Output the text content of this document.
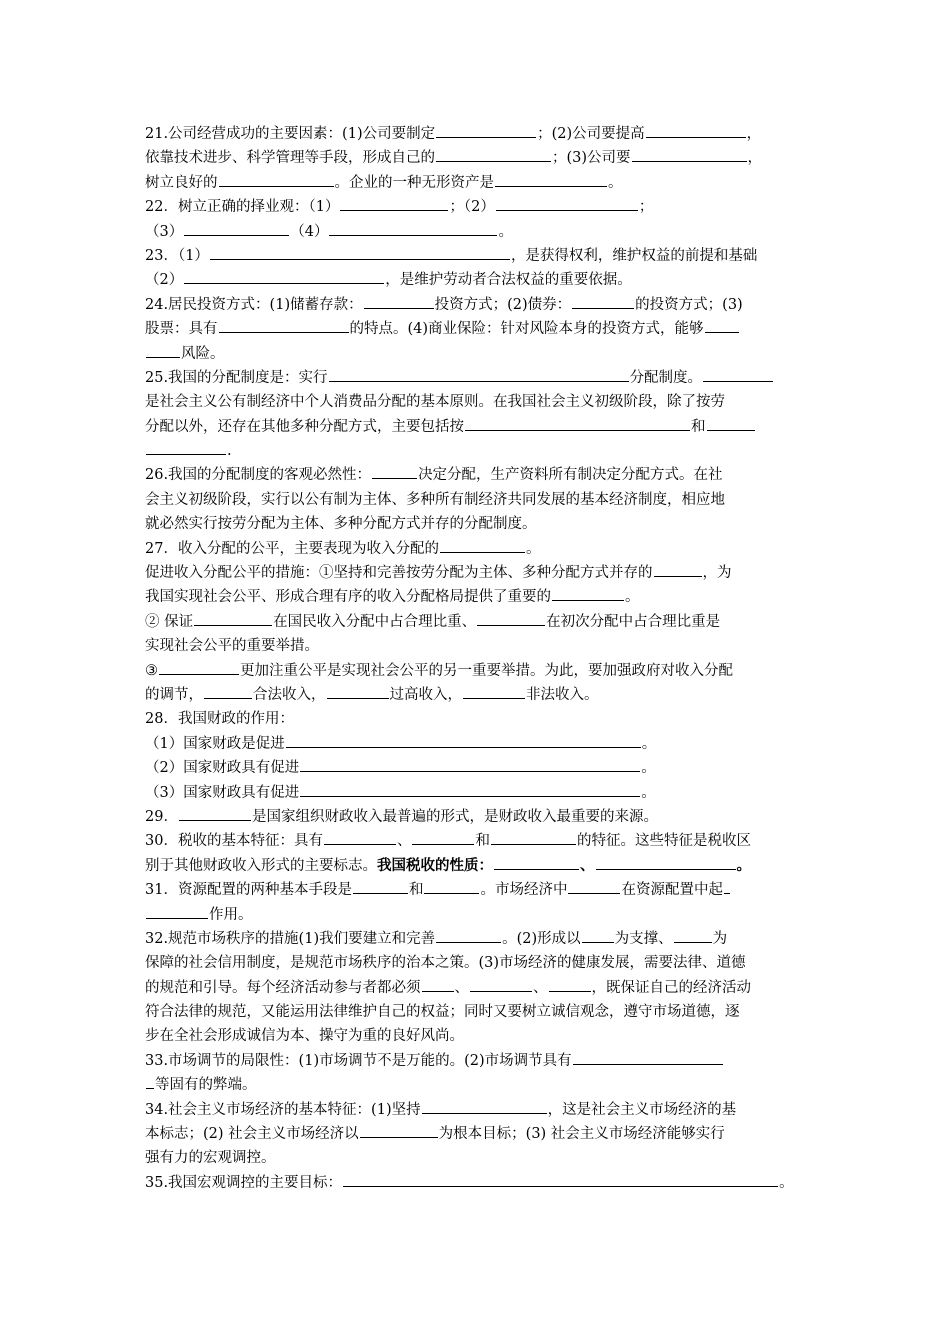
21.公司经营成功的主要因素：(1)公司要制定	；(2)公司要提高	，
依靠技术进步、科学管理等手段，形成自己的	；(3)公司要	，
树立良好的	。企业的一种无形资产是	。
22．树立正确的择业观：（1）	；（2）	；
（3）	（4）	。
23．（1）	，是获得权利，维护权益的前提和基础
（2）	，是维护劳动者合法权益的重要依据。
24.居民投资方式：(1)储蓄存款：	投资方式；(2)债券：	的投资方式；(3)
股票：具有	的特点。(4)商业保险：针对风险本身的投资方式，能够
风险。
25.我国的分配制度是：实行	分配制度。
是社会主义公有制经济中个人消费品分配的基本原则。在我国社会主义初级阶段，除了按劳
分配以外，还存在其他多种分配方式，主要包括按	和
.
26.我国的分配制度的客观必然性：	决定分配，生产资料所有制决定分配方式。在社
会主义初级阶段，实行以公有制为主体、多种所有制经济共同发展的基本经济制度，相应地
就必然实行按劳分配为主体、多种分配方式并存的分配制度。
27．收入分配的公平，主要表现为收入分配的	。
促进收入分配公平的措施：①坚持和完善按劳分配为主体、多种分配方式并存的	，为
我国实现社会公平、形成合理有序的收入分配格局提供了重要的	。
② 保证	在国民收入分配中占合理比重、	在初次分配中占合理比重是
实现社会公平的重要举措。
③	更加注重公平是实现社会公平的另一重要举措。为此，要加强政府对收入分配
的调节，	合法收入，	过高收入，	非法收入。
28．我国财政的作用：
（1）国家财政是促进	。
（2）国家财政具有促进	。
（3）国家财政具有促进	。
29．	是国家组织财政收入最普遍的形式，是财政收入最重要的来源。
30．税收的基本特征：具有	、	和	的特征。这些特征是税收区
别于其他财政收入形式的主要标志。我国税收的性质：	、	。
31．资源配置的两种基本手段是	和	。市场经济中	在资源配置中起
作用。
32.规范市场秩序的措施(1)我们要建立和完善	。(2)形成以 为支撑、	为
保障的社会信用制度，是规范市场秩序的治本之策。(3)市场经济的健康发展，需要法律、道德
的规范和引导。每个经济活动参与者都必须 、	、	，既保证自己的经济活动
符合法律的规范，又能运用法律维护自己的权益；同时又要树立诚信观念，遵守市场道德，逐
步在全社会形成诚信为本、操守为重的良好风尚。
33.市场调节的局限性：(1)市场调节不是万能的。(2)市场调节具有
等固有的弊端。
34.社会主义市场经济的基本特征：(1)坚持	，这是社会主义市场经济的基
本标志；(2) 社会主义市场经济以	为根本目标；(3) 社会主义市场经济能够实行
强有力的宏观调控。
35.我国宏观调控的主要目标：	。
